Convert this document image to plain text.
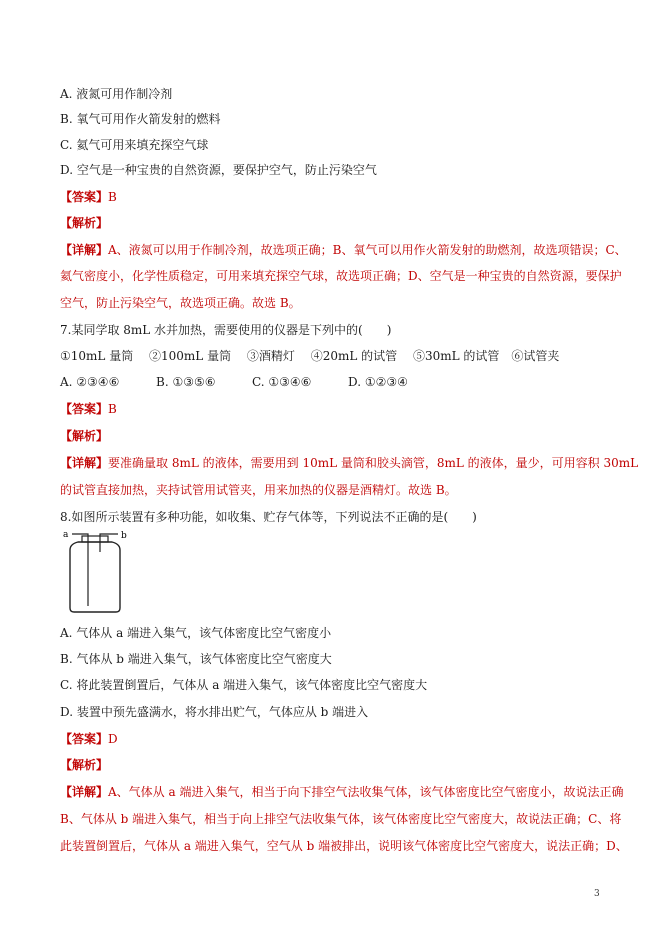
A. 液氮可用作制冷剂
B. 氧气可用作火箭发射的燃料
C. 氦气可用来填充探空气球
D. 空气是一种宝贵的自然资源，要保护空气，防止污染空气
【答案】B
【解析】
【详解】A、液氮可以用于作制冷剂，故选项正确；B、氧气可以用作火箭发射的助燃剂，故选项错误；C、
氦气密度小，化学性质稳定，可用来填充探空气球，故选项正确；D、空气是一种宝贵的自然资源，要保护
空气，防止污染空气，故选项正确。故选 B。
7.某同学取 8mL 水并加热，需要使用的仪器是下列中的(　　)
①10mL 量筒　 ②100mL 量筒　 ③酒精灯　 ④20mL 的试管　 ⑤30mL 的试管　⑥试管夹
A. ②③④⑥	B. ①③⑤⑥	C. ①③④⑥	D. ①②③④
【答案】B
【解析】
【详解】要准确量取 8mL 的液体，需要用到 10mL 量筒和胶头滴管，8mL 的液体，量少，可用容积 30mL
的试管直接加热，夹持试管用试管夹，用来加热的仪器是酒精灯。故选 B。
8.如图所示装置有多种功能，如收集、贮存气体等，下列说法不正确的是(　　)
a	b
A. 气体从 a 端进入集气，该气体密度比空气密度小
B. 气体从 b 端进入集气，该气体密度比空气密度大
C. 将此装置倒置后，气体从 a 端进入集气，该气体密度比空气密度大
D. 装置中预先盛满水，将水排出贮气，气体应从 b 端进入
【答案】D
【解析】
【详解】A、气体从 a 端进入集气，相当于向下排空气法收集气体，该气体密度比空气密度小，故说法正确
B、气体从 b 端进入集气，相当于向上排空气法收集气体，该气体密度比空气密度大，故说法正确；C、将
此装置倒置后，气体从 a 端进入集气，空气从 b 端被排出，说明该气体密度比空气密度大，说法正确；D、
3
